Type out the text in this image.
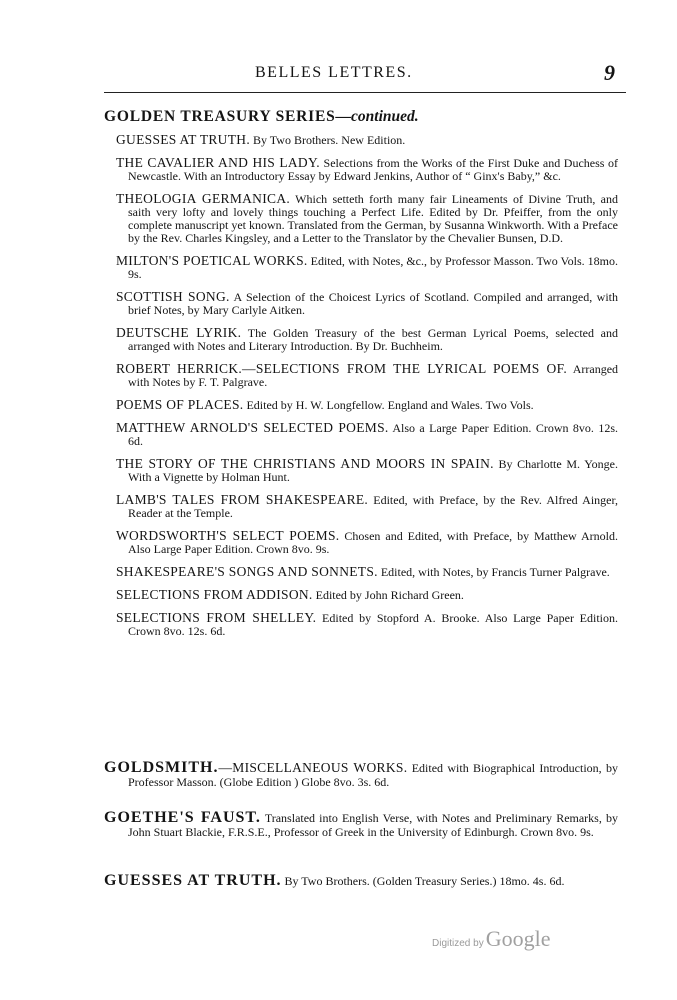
BELLES LETTRES.	9
GOLDEN TREASURY SERIES—continued.
GUESSES AT TRUTH. By Two Brothers. New Edition.
THE CAVALIER AND HIS LADY. Selections from the Works of the First Duke and Duchess of Newcastle. With an Introductory Essay by Edward Jenkins, Author of “ Ginx's Baby,” &c.
THEOLOGIA GERMANICA. Which setteth forth many fair Lineaments of Divine Truth, and saith very lofty and lovely things touching a Perfect Life. Edited by Dr. Pfeiffer, from the only complete manuscript yet known. Translated from the German, by Susanna Winkworth. With a Preface by the Rev. Charles Kingsley, and a Letter to the Translator by the Chevalier Bunsen, D.D.
MILTON'S POETICAL WORKS. Edited, with Notes, &c., by Professor Masson. Two Vols. 18mo. 9s.
SCOTTISH SONG. A Selection of the Choicest Lyrics of Scotland. Compiled and arranged, with brief Notes, by Mary Carlyle Aitken.
DEUTSCHE LYRIK. The Golden Treasury of the best German Lyrical Poems, selected and arranged with Notes and Literary Introduction. By Dr. Buchheim.
ROBERT HERRICK.—SELECTIONS FROM THE LYRICAL POEMS OF. Arranged with Notes by F. T. Palgrave.
POEMS OF PLACES. Edited by H. W. Longfellow. England and Wales. Two Vols.
MATTHEW ARNOLD'S SELECTED POEMS. Also a Large Paper Edition. Crown 8vo. 12s. 6d.
THE STORY OF THE CHRISTIANS AND MOORS IN SPAIN. By Charlotte M. Yonge. With a Vignette by Holman Hunt.
LAMB'S TALES FROM SHAKESPEARE. Edited, with Preface, by the Rev. Alfred Ainger, Reader at the Temple.
WORDSWORTH'S SELECT POEMS. Chosen and Edited, with Preface, by Matthew Arnold. Also Large Paper Edition. Crown 8vo. 9s.
SHAKESPEARE'S SONGS AND SONNETS. Edited, with Notes, by Francis Turner Palgrave.
SELECTIONS FROM ADDISON. Edited by John Richard Green.
SELECTIONS FROM SHELLEY. Edited by Stopford A. Brooke. Also Large Paper Edition. Crown 8vo. 12s. 6d.
GOLDSMITH.—MISCELLANEOUS WORKS. Edited with Biographical Introduction, by Professor Masson. (Globe Edition ) Globe 8vo. 3s. 6d.
GOETHE'S FAUST. Translated into English Verse, with Notes and Preliminary Remarks, by John Stuart Blackie, F.R.S.E., Professor of Greek in the University of Edinburgh. Crown 8vo. 9s.
GUESSES AT TRUTH. By Two Brothers. (Golden Treasury Series.) 18mo. 4s. 6d.
Digitized by Google
